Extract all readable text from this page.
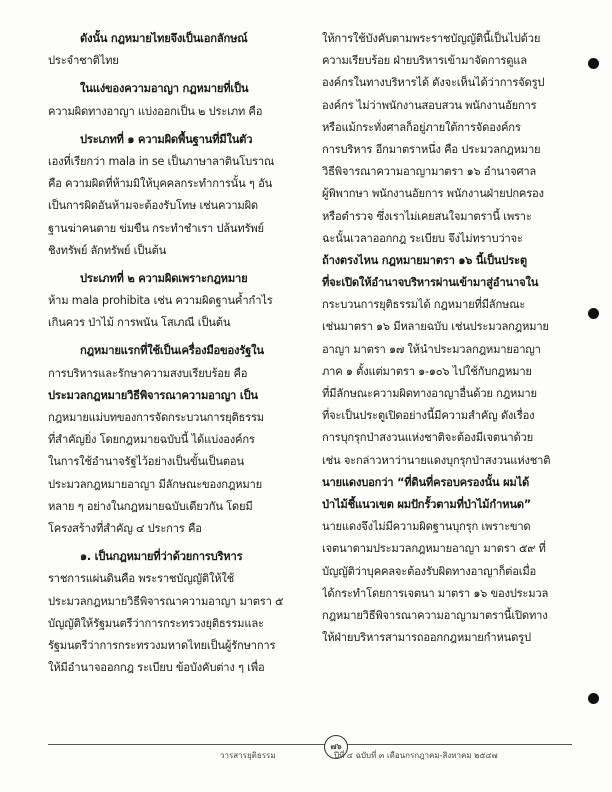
ดังนั้น กฎหมายไทยจึงเป็นเอกลักษณ์
ประจำชาติไทย
ในแง่ของความอาญา กฎหมายที่เป็น
ความผิดทางอาญา แบ่งออกเป็น ๒ ประเภท คือ
ประเภทที่ ๑ ความผิดพื้นฐานที่มีในตัว
เองที่เรียกว่า mala in se เป็นภาษาลาตินโบราณ
คือ ความผิดที่ห้ามมิให้บุคคลกระทำการนั้น ๆ อัน
เป็นการผิดอันห้ามจะต้องรับโทษ เช่นความผิด
ฐานฆ่าคนตาย ข่มขืน กระทำชำเรา ปล้นทรัพย์
ชิงทรัพย์ ลักทรัพย์ เป็นต้น
ประเภทที่ ๒ ความผิดเพราะกฎหมาย
ห้าม mala prohibita เช่น ความผิดฐานค้ำกำไร
เกินควร ป่าไม้ การพนัน โสเภณี เป็นต้น
กฎหมายแรกที่ใช้เป็นเครื่องมือของรัฐใน
การบริหารและรักษาความสงบเรียบร้อย คือ
ประมวลกฎหมายวิธีพิจารณาความอาญา เป็น
กฎหมายแม่บทของการจัดกระบวนการยุติธรรม
ที่สำคัญยิ่ง โดยกฎหมายฉบับนี้ ได้แบ่งองค์กร
ในการใช้อำนาจรัฐไว้อย่างเป็นขั้นเป็นตอน
ประมวลกฎหมายอาญา มีลักษณะของกฎหมาย
หลาย ๆ อย่างในกฎหมายฉบับเดียวกัน โดยมี
โครงสร้างที่สำคัญ ๔ ประการ คือ
๑. เป็นกฎหมายที่ว่าด้วยการบริหาร
ราชการแผ่นดินคือ พระราชบัญญัติให้ใช้
ประมวลกฎหมายวิธีพิจารณาความอาญา มาตรา ๕
บัญญัติให้รัฐมนตรีว่าการกระทรวงยุติธรรมและ
รัฐมนตรีว่าการกระทรวงมหาดไทยเป็นผู้รักษาการ
ให้มีอำนาจออกกฎ ระเบียบ ข้อบังคับต่าง ๆ เพื่อ
ให้การใช้บังคับตามพระราชบัญญัตินี้เป็นไปด้วย
ความเรียบร้อย ฝ่ายบริหารเข้ามาจัดการดูแล
องค์กรในทางบริหารได้ ดังจะเห็นได้ว่าการจัดรูป
องค์กร ไม่ว่าพนักงานสอบสวน พนักงานอัยการ
หรือแม้กระทั่งศาลก็อยู่ภายใต้การจัดองค์กร
การบริหาร อีกมาตราหนึ่ง คือ ประมวลกฎหมาย
วิธีพิจารณาความอาญามาตรา ๑๖ อำนาจศาล
ผู้พิพากษา พนักงานอัยการ พนักงานฝ่ายปกครอง
หรือตำรวจ ซึ่งเราไม่เคยสนใจมาตรานี้ เพราะ
ฉะนั้นเวลาออกกฎ ระเบียบ จึงไม่ทราบว่าจะ
ถ้างตรงไหน กฎหมายมาตรา ๑๖ นี้เป็นประตู
ที่จะเปิดให้อำนาจบริหารผ่านเข้ามาสู่อำนาจใน
กระบวนการยุติธรรมได้ กฎหมายที่มีลักษณะ
เช่นมาตรา ๑๖ มีหลายฉบับ เช่นประมวลกฎหมาย
อาญา มาตรา ๑๗ ให้นำประมวลกฎหมายอาญา
ภาค ๑ ตั้งแต่มาตรา ๑-๑๐๖ ไปใช้กับกฎหมาย
ที่มีลักษณะความผิดทางอาญาอื่นด้วย กฎหมาย
ที่จะเป็นประตูเปิดอย่างนี้มีความสำคัญ ดังเรื่อง
การบุกรุกป่าสงวนแห่งชาติจะต้องมีเจตนาด้วย
เช่น จะกล่าวหาว่านายแดงบุกรุกป่าสงวนแห่งชาติ
นายแดงบอกว่า “ที่ดินที่ครอบครองนั้น ผมได้
ป่าไม้ชี้แนวเขต ผมปักรั้วตามที่ป่าไม้กำหนด”
นายแดงจึงไม่มีความผิดฐานบุกรุก เพราะขาด
เจตนาตามประมวลกฎหมายอาญา มาตรา ๕๙ ที่
บัญญัติว่าบุคคลจะต้องรับผิดทางอาญาก็ต่อเมื่อ
ได้กระทำโดยการเจตนา มาตรา ๑๖ ของประมวล
กฎหมายวิธีพิจารณาความอาญามาตรานี้เปิดทาง
ให้ฝ่ายบริหารสามารถออกกฎหมายกำหนดรูป
วารสารยุติธรรม
๗๖
ปีที่ ๔ ฉบับที่ ๓ เดือนกรกฎาคม-สิงหาคม ๒๕๔๗
